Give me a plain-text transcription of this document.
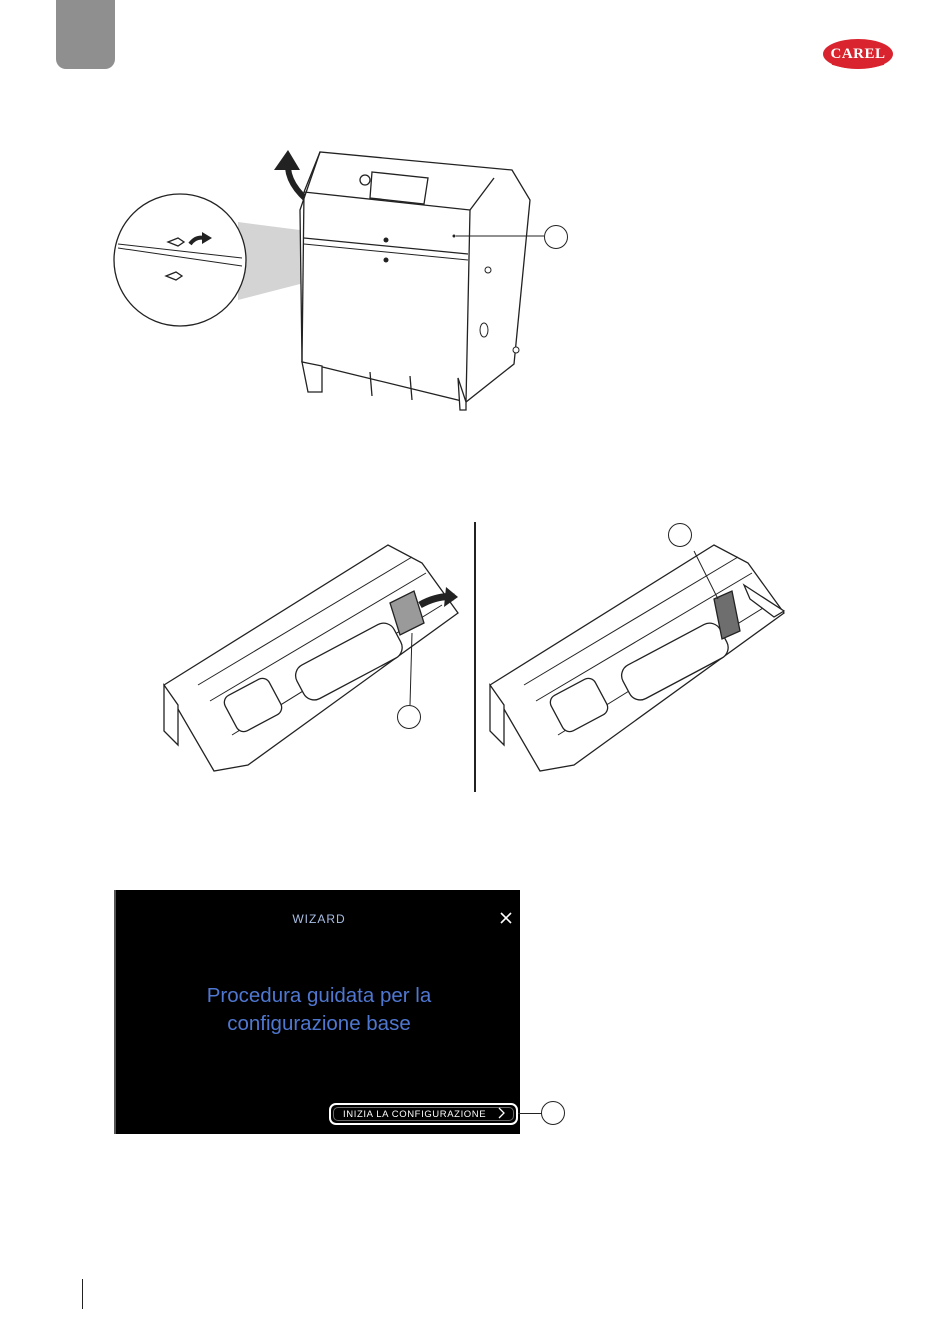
CAREL
WIZARD
Procedura guidata per la
configurazione base
INIZIA LA CONFIGURAZIONE
